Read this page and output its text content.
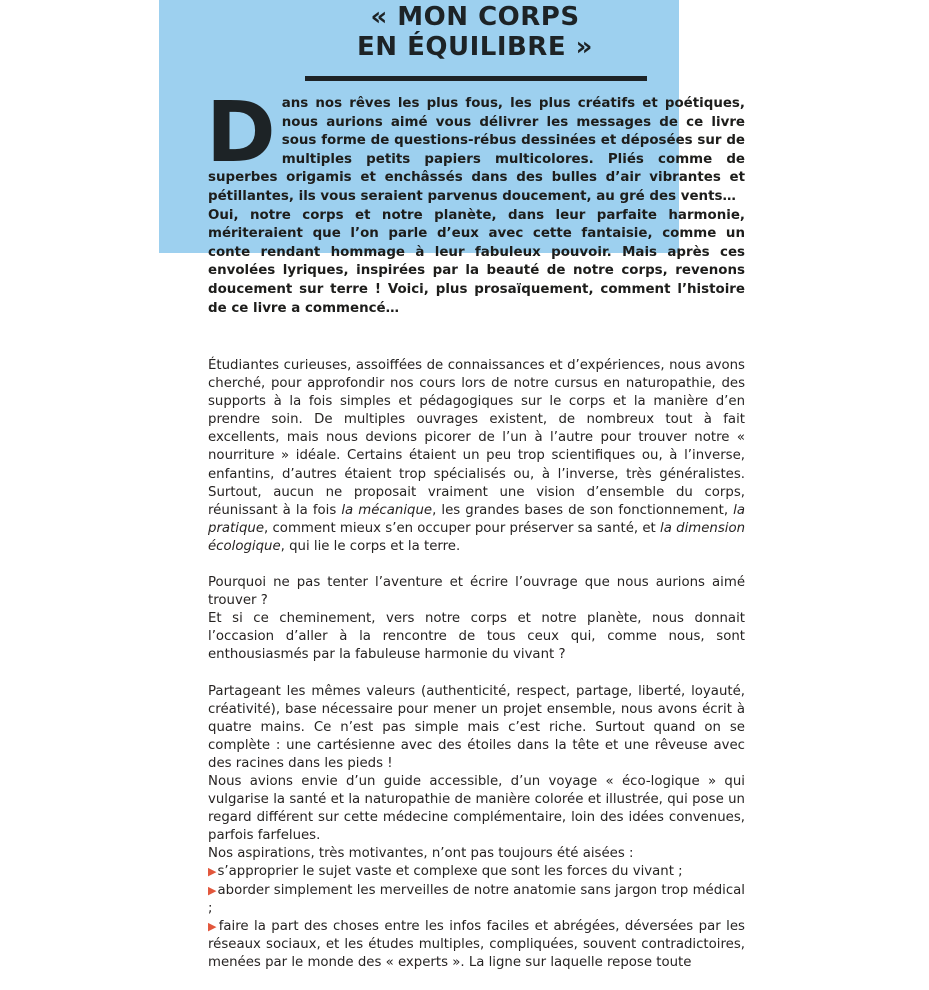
« MON CORPS
EN ÉQUILIBRE »
D ans nos rêves les plus fous, les plus créatifs et poétiques, nous aurions aimé vous délivrer les messages de ce livre sous forme de questions-rébus dessinées et déposées sur de multiples petits papiers multicolores. Pliés comme de superbes origamis et enchâssés dans des bulles d’air vibrantes et pétillantes, ils vous seraient parvenus doucement, au gré des vents…

Oui, notre corps et notre planète, dans leur parfaite harmonie, mériteraient que l’on parle d’eux avec cette fantaisie, comme un conte rendant hommage à leur fabuleux pouvoir. Mais après ces envolées lyriques, inspirées par la beauté de notre corps, revenons doucement sur terre ! Voici, plus prosaïquement, comment l’histoire de ce livre a commencé…

Étudiantes curieuses, assoiffées de connaissances et d’expériences, nous avons cherché, pour approfondir nos cours lors de notre cursus en naturopathie, des supports à la fois simples et pédagogiques sur le corps et la manière d’en prendre soin. De multiples ouvrages existent, de nombreux tout à fait excellents, mais nous devions picorer de l’un à l’autre pour trouver notre « nourriture » idéale. Certains étaient un peu trop scientifiques ou, à l’inverse, enfantins, d’autres étaient trop spécialisés ou, à l’inverse, très généralistes. Surtout, aucun ne proposait vraiment une vision d’ensemble du corps, réunissant à la fois la mécanique, les grandes bases de son fonctionnement, la pratique, comment mieux s’en occuper pour préserver sa santé, et la dimension écologique, qui lie le corps et la terre.

Pourquoi ne pas tenter l’aventure et écrire l’ouvrage que nous aurions aimé trouver ?

Et si ce cheminement, vers notre corps et notre planète, nous donnait l’occasion d’aller à la rencontre de tous ceux qui, comme nous, sont enthousiasmés par la fabuleuse harmonie du vivant ?

Partageant les mêmes valeurs (authenticité, respect, partage, liberté, loyauté, créativité), base nécessaire pour mener un projet ensemble, nous avons écrit à quatre mains. Ce n’est pas simple mais c’est riche. Surtout quand on se complète : une cartésienne avec des étoiles dans la tête et une rêveuse avec des racines dans les pieds !

Nous avions envie d’un guide accessible, d’un voyage « éco-logique » qui vulgarise la santé et la naturopathie de manière colorée et illustrée, qui pose un regard différent sur cette médecine complémentaire, loin des idées convenues, parfois farfelues.

Nos aspirations, très motivantes, n’ont pas toujours été aisées :

▶s’approprier le sujet vaste et complexe que sont les forces du vivant ;

▶aborder simplement les merveilles de notre anatomie sans jargon trop médical ;

▶faire la part des choses entre les infos faciles et abrégées, déversées par les réseaux sociaux, et les études multiples, compliquées, souvent contradictoires, menées par le monde des « experts ». La ligne sur laquelle repose toute
